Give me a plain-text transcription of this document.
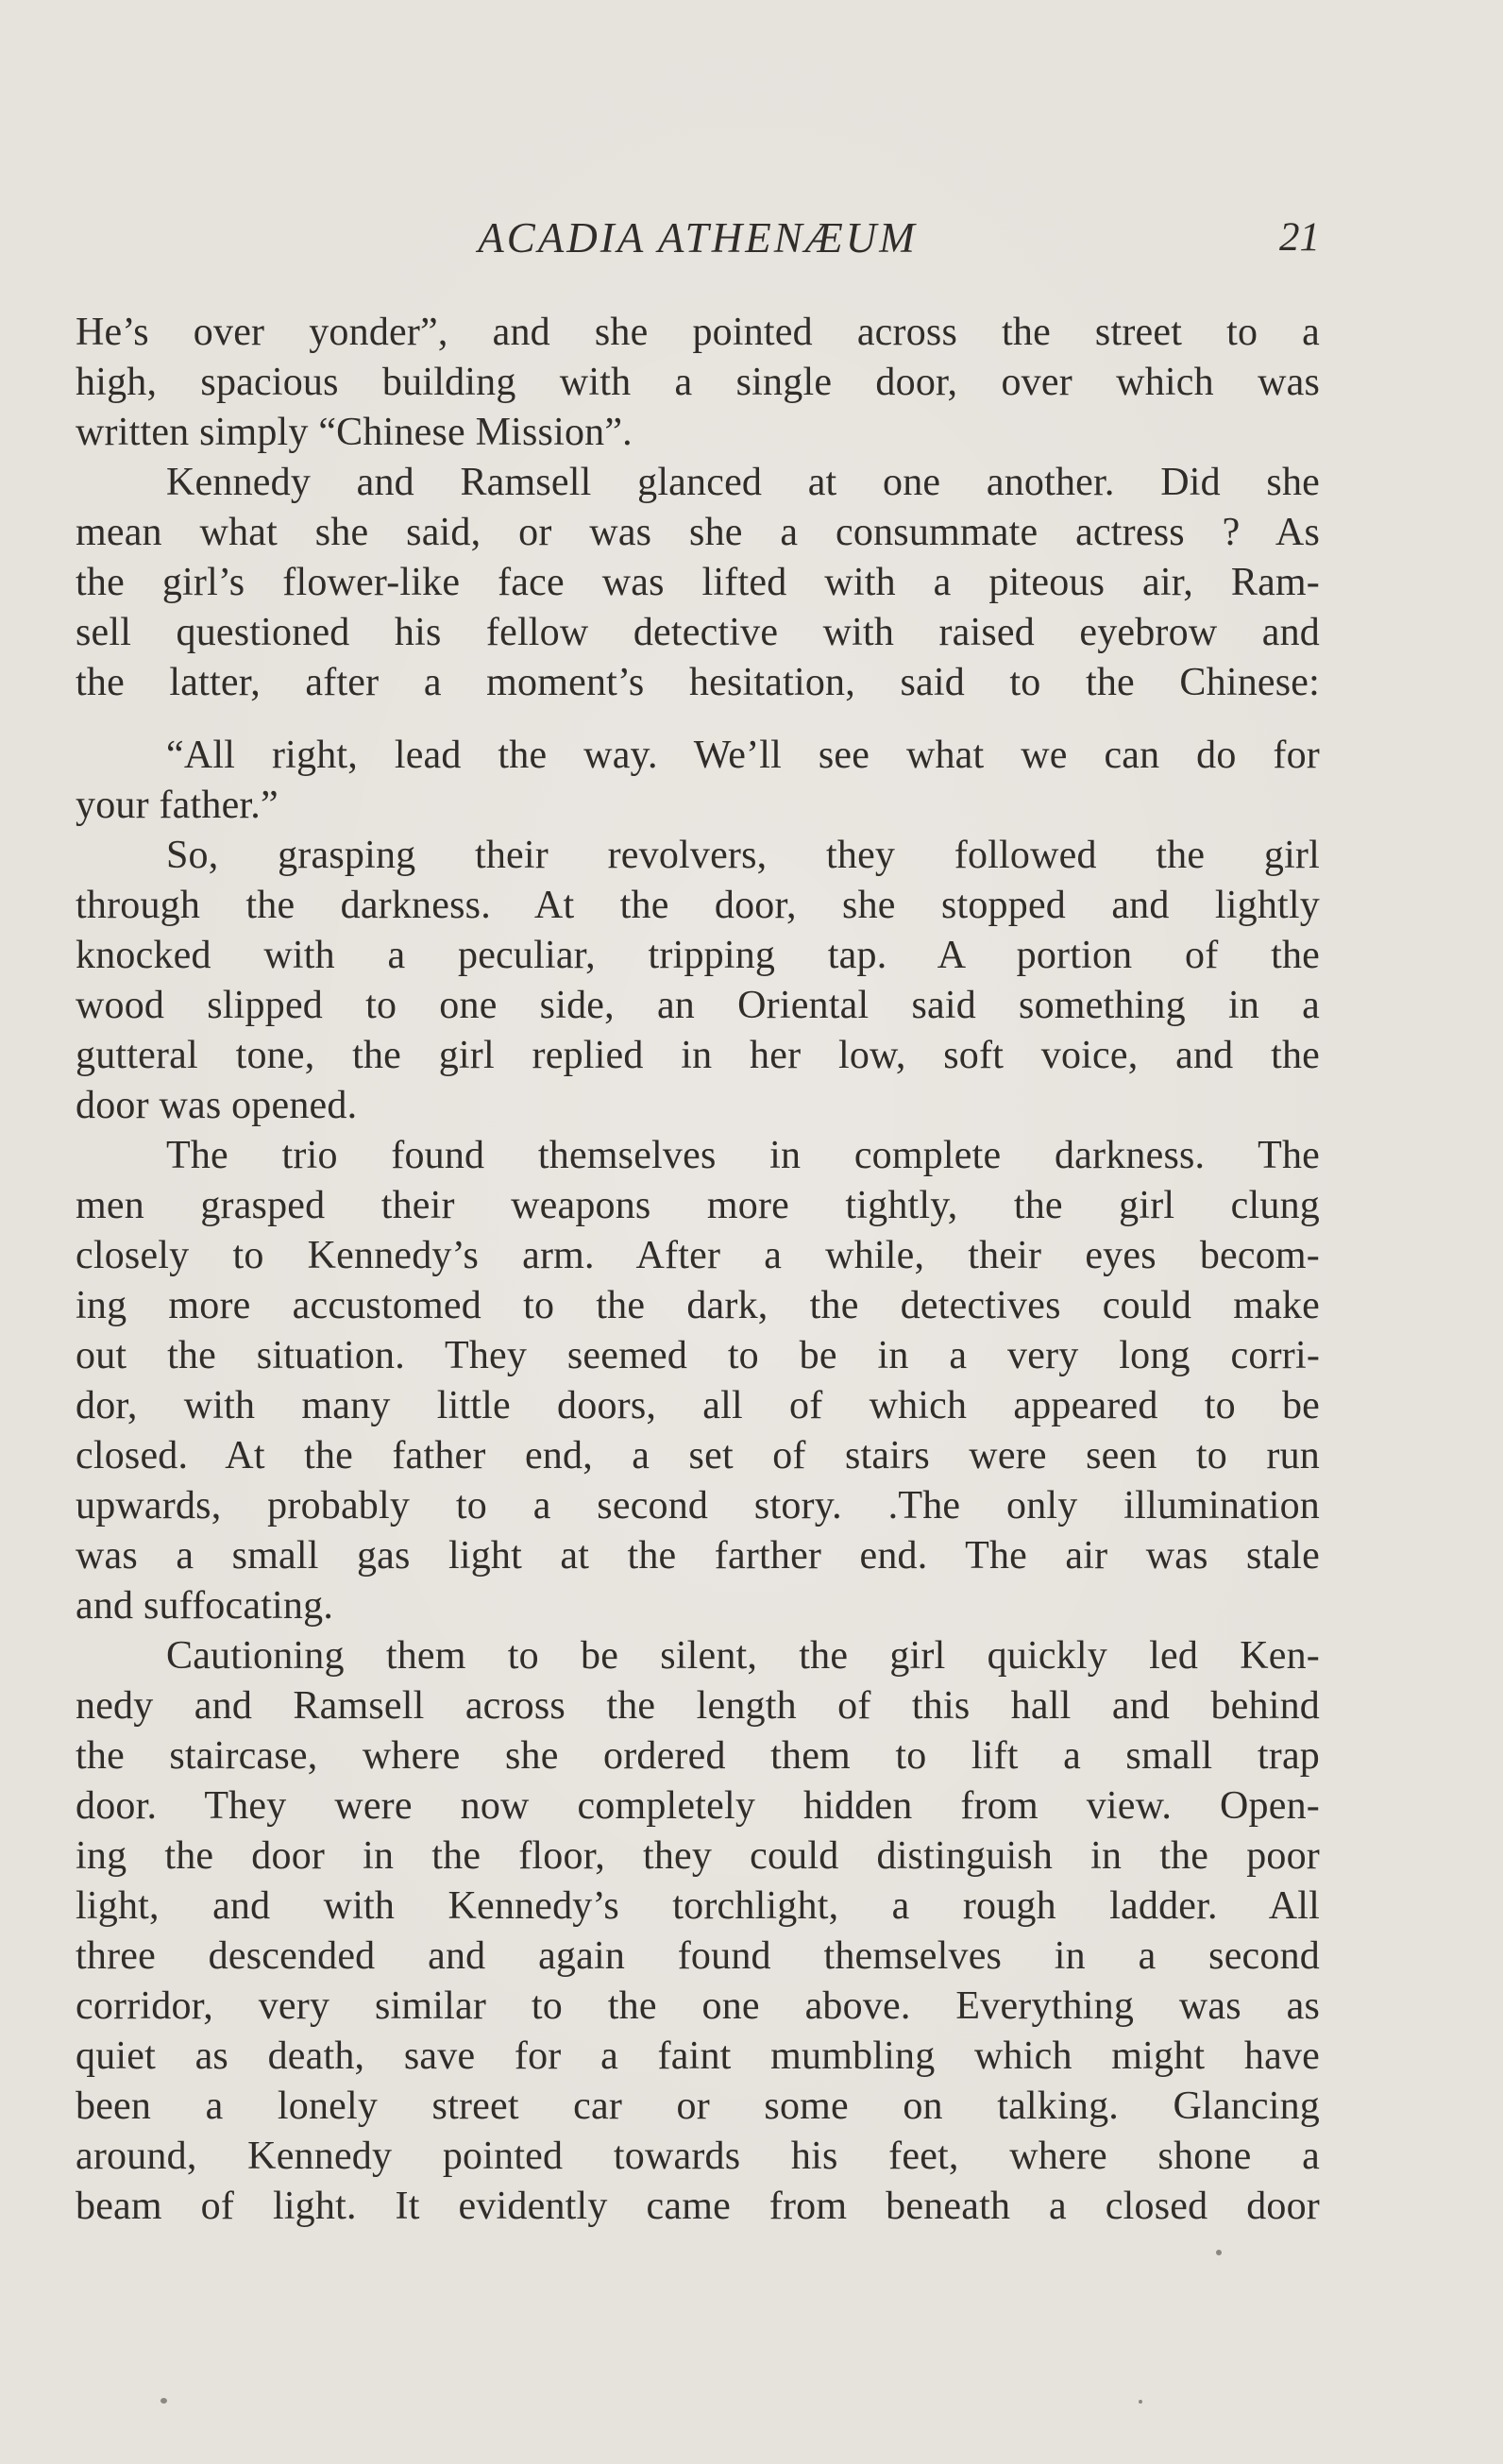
ACADIA ATHENÆUM	21
He’s over yonder”, and she pointed across the street to a
high, spacious building with a single door, over which was
written simply “Chinese Mission”.
Kennedy and Ramsell glanced at one another. Did she
mean what she said, or was she a consummate actress ? As
the girl’s flower-like face was lifted with a piteous air, Ram-
sell questioned his fellow detective with raised eyebrow and
the latter, after a moment’s hesitation, said to the Chinese:
“All right, lead the way. We’ll see what we can do for
your father.”
So, grasping their revolvers, they followed the girl
through the darkness. At the door, she stopped and lightly
knocked with a peculiar, tripping tap. A portion of the
wood slipped to one side, an Oriental said something in a
gutteral tone, the girl replied in her low, soft voice, and the
door was opened.
The trio found themselves in complete darkness. The
men grasped their weapons more tightly, the girl clung
closely to Kennedy’s arm. After a while, their eyes becom-
ing more accustomed to the dark, the detectives could make
out the situation. They seemed to be in a very long corri-
dor, with many little doors, all of which appeared to be
closed. At the father end, a set of stairs were seen to run
upwards, probably to a second story. .The only illumination
was a small gas light at the farther end. The air was stale
and suffocating.
Cautioning them to be silent, the girl quickly led Ken-
nedy and Ramsell across the length of this hall and behind
the staircase, where she ordered them to lift a small trap
door. They were now completely hidden from view. Open-
ing the door in the floor, they could distinguish in the poor
light, and with Kennedy’s torchlight, a rough ladder. All
three descended and again found themselves in a second
corridor, very similar to the one above. Everything was as
quiet as death, save for a faint mumbling which might have
been a lonely street car or some on talking. Glancing
around, Kennedy pointed towards his feet, where shone a
beam of light. It evidently came from beneath a closed door
